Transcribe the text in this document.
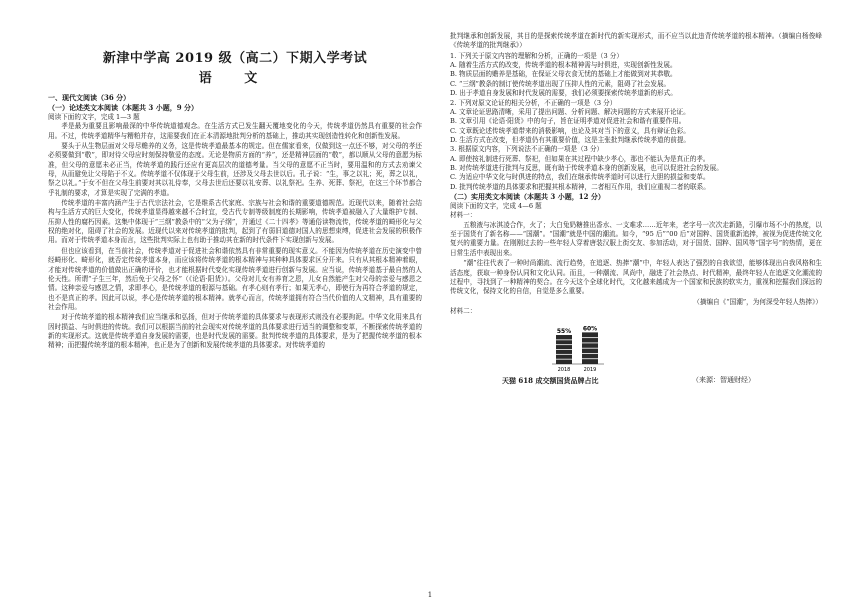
新津中学高 2019 级（高二）下期入学考试
语 文

一、现代文阅读（36 分）

（一）论述类文本阅读（本题共 3 小题，9 分）

阅读下面的文字，完成 1—3 题

孝是最为重要且影响最深的中华传统道德观念。在生活方式已发生翻天覆地变化的今天，传统孝道仍然具有重要的社会作用。不过，传统孝道精华与糟粕并存，这需要我们在正本清源地批判分析的基础上，推动其实现创造性转化和创新性发展。

要头于从生物层面对父母尽赡养的义务，这是传统孝道最基本的规定。但在儒家看来，仅做到这一点还不够，对父母的孝还必须要做到“敬”，即对待父母应时刻保持敬爱的态度。无论是物质方面的“养”，还是精神层面的“敬”，都以顺从父母的意愿为标准，但父母的意愿未必正当，传统孝道的践行还应有更高层次的道德考量。当父母的意愿不正当时，要用温和的方式去劝谏父母，从而避免让父母陷于不义。传统孝道不仅体现于父母生前，还涉及父母去世以后。孔子说：“生，事之以礼；死，葬之以礼，祭之以礼。”于女不但在父母生前要对其以礼侍奉，父母去世后还要以礼安葬、以礼祭祀。生养、死葬、祭祀，在这三个环节都合乎礼制的要求，才算是实现了完满的孝道。

传统孝道的丰富内涵产生于古代宗法社会，它是维系古代家庭、宗族与社会和谐的重要道德规范。近现代以来，随着社会结构与生活方式的巨大变化，传统孝道显得越来越不合时宜，受古代专制等级制度的长期影响，传统孝道被融入了大量维护专制、压抑人性的腐朽因素。这集中体现于“三纲”教条中的“父为子纲”，并通过《二十四孝》等通俗读物流传，传统孝道的畸形化与父权的绝对化，阻碍了社会的发展。近现代以来对传统孝道的批判，起到了有弱旧道德对国人的思想束缚，促进社会发展的积极作用。而对于传统孝道本身而言，这些批判实际上也有助于推动其在新的时代条件下实现创新与发展。

但也应该看到，在当前社会，传统孝道对于促进社会和谐依然具有非常重要的现实意义。不能因为传统孝道在历史演变中曾经畸形化、畸形化，就否定传统孝道本身，而应该将传统孝道的根本精神与其种种具体要求区分开来。只有从其根本精神着眼，才能对传统孝道的价值做出正确的评价，也才能根据时代变化实现传统孝道进行创新与发展。应当说，传统孝道基于最自然的人伦天性。所谓“子生三年，然后免于父母之怀”（《论语·阳货》）。父母对儿女有养育之恩，儿女自然能产生对父母的亲爱与感恩之情。这种亲爱与感恩之情，求即孝心，是传统孝道的根源与基础。有孝心则有孝行；如果无孝心，即使行为再符合孝道的规定，也不是真正的孝。因此可以说，孝心是传统孝道的根本精神。就孝心而言，传统孝道拥有符合当代价值的人文精神，具有重要的社会作用。

对于传统孝道的根本精神我们应当继承和弘扬，但对于传统孝道的具体要求与表现形式则没有必要拘泥。中华文化用来具有因时损益、与时俱进的传统。我们可以根据当前的社会现实对传统孝道的具体要求进行适当的调整和变革，不断探索传统孝道的新的实现形式。这就是传统孝道自身发展的需要，也是时代发展的需要。批判传统孝道的具体要求，是为了把握传统孝道的根本精神；而把握传统孝道的根本精神，也正是为了创新和发展传统孝道的具体要求。对传统孝道的

批判继承和创新发展，其目的是探索传统孝道在新时代的新实现形式，而不应当以此违背传统孝道的根本精神。（摘编自杨俊峰《传统孝道的批判继承》）

1. 下列关于原文内容的理解和分析，正确的一项是（3 分）

A. 随着生活方式的改变，传统孝道的根本精神需与时俱进，实现创新性发展。

B. 物质层面的赡养是基础，在保证父母衣食无忧的基础上才能做到对其恭敬。

C. “三纲”教条的制订使传统孝道出现了压抑人性的元素，阻碍了社会发展。

D. 出于孝道自身发展和时代发展的需要，我们必须要探索传统孝道新的形式。

2. 下列对原文论证的相关分析，不正确的一项是（3 分）

A. 文章论证思路清晰，采用了提出问题、分析问题、解决问题的方式来展开论证。

B. 文章引用《论语·阳货》中的句子，旨在证明孝道对促进社会和谐有重要作用。

C. 文章既论述传统孝道带来的消极影响，也论及其对当下的意义，具有辩证色彩。

D. 生活方式在改变，但孝道仍有其重要价值，这是主张批判继承传统孝道的前提。

3. 根据原文内容，下列说法不正确的一项是（3 分）

A. 即使按礼制进行死葬、祭祀，但如果在其过程中缺少孝心，那也不能认为是真正的孝。

B. 对传统孝道进行批判与反思，既有助于传统孝道本身的创新发展，也可以促进社会的发展。

C. 为适应中华文化与时俱进的特点，我们在继承传统孝道时可以进行大胆的损益和变革。

D. 批判传统孝道的具体要求和把握其根本精神，二者相互作用，我们应重视二者的联系。

（二）实用类文本阅读（本题共 3 小题，12 分）

阅读下面的文字，完成 4—6 题

材料一：

五粮液与冰淇凌合作，火了；大白兔奶糖推出香水、一支难求……近年来，老字号一次次走新路，引爆市场不小的热度，以至于国货有了新名称——“国潮”。“国潮”就是中国的潮流。如今，“95 后”“00 后”对国粹、国货重新追捧，被视为促进传统文化复兴的重要力量。在刚刚过去的一些年轻人穿着唐装汉服上街交友、参加活动，对于国货、国粹、国风等“国字号”的热情，更在日常生活中表现出来。

“潮”往往代表了一种时尚潮流、流行趋势，在追逐、热捧“潮”中，年轻人表达了强烈的自我欲望，能够体现出自我风格和生活态度，获取一种身份认同和文化认同。而且，一种潮流、风尚中，融进了社会热点、时代精神，最终年轻人在追逐文化潮流的过程中，寻找到了一种精神的契合。在今天这个全球化时代，文化越来越成为一个国家和民族的软实力，重视和挖掘我们深远的传统文化，保持文化的自信，自觉是多么重要。

（摘编自《“国潮”，为何深受年轻人热捧》）

材料二：

55%
2018
60%
2019
天猫 618 成交额国货品牌占比	（来源：智通财经）
1
